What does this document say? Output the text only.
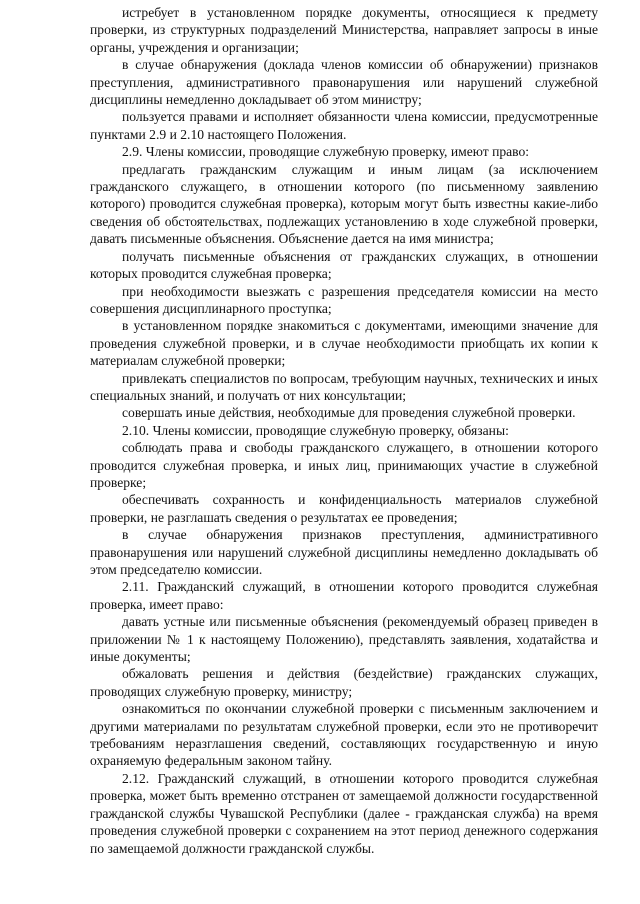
истребует в установленном порядке документы, относящиеся к предмету проверки, из структурных подразделений Министерства, направляет запросы в иные органы, учреждения и организации;

в случае обнаружения (доклада членов комиссии об обнаружении) признаков преступления, административного правонарушения или нарушений служебной дисциплины немедленно докладывает об этом министру;

пользуется правами и исполняет обязанности члена комиссии, предусмотренные пунктами 2.9 и 2.10 настоящего Положения.

2.9. Члены комиссии, проводящие служебную проверку, имеют право:

предлагать гражданским служащим и иным лицам (за исключением гражданского служащего, в отношении которого (по письменному заявлению которого) проводится служебная проверка), которым могут быть известны какие-либо сведения об обстоятельствах, подлежащих установлению в ходе служебной проверки, давать письменные объяснения. Объяснение дается на имя министра;

получать письменные объяснения от гражданских служащих, в отношении которых проводится служебная проверка;

при необходимости выезжать с разрешения председателя комиссии на место совершения дисциплинарного проступка;

в установленном порядке знакомиться с документами, имеющими значение для проведения служебной проверки, и в случае необходимости приобщать их копии к материалам служебной проверки;

привлекать специалистов по вопросам, требующим научных, технических и иных специальных знаний, и получать от них консультации;

совершать иные действия, необходимые для проведения служебной проверки.

2.10. Члены комиссии, проводящие служебную проверку, обязаны:

соблюдать права и свободы гражданского служащего, в отношении которого проводится служебная проверка, и иных лиц, принимающих участие в служебной проверке;

обеспечивать сохранность и конфиденциальность материалов служебной проверки, не разглашать сведения о результатах ее проведения;

в случае обнаружения признаков преступления, административного правонарушения или нарушений служебной дисциплины немедленно докладывать об этом председателю комиссии.

2.11. Гражданский служащий, в отношении которого проводится служебная проверка, имеет право:

давать устные или письменные объяснения (рекомендуемый образец приведен в приложении № 1 к настоящему Положению), представлять заявления, ходатайства и иные документы;

обжаловать решения и действия (бездействие) гражданских служащих, проводящих служебную проверку, министру;

ознакомиться по окончании служебной проверки с письменным заключением и другими материалами по результатам служебной проверки, если это не противоречит требованиям неразглашения сведений, составляющих государственную и иную охраняемую федеральным законом тайну.

2.12. Гражданский служащий, в отношении которого проводится служебная проверка, может быть временно отстранен от замещаемой должности государственной гражданской службы Чувашской Республики (далее - гражданская служба) на время проведения служебной проверки с сохранением на этот период денежного содержания по замещаемой должности гражданской службы.
